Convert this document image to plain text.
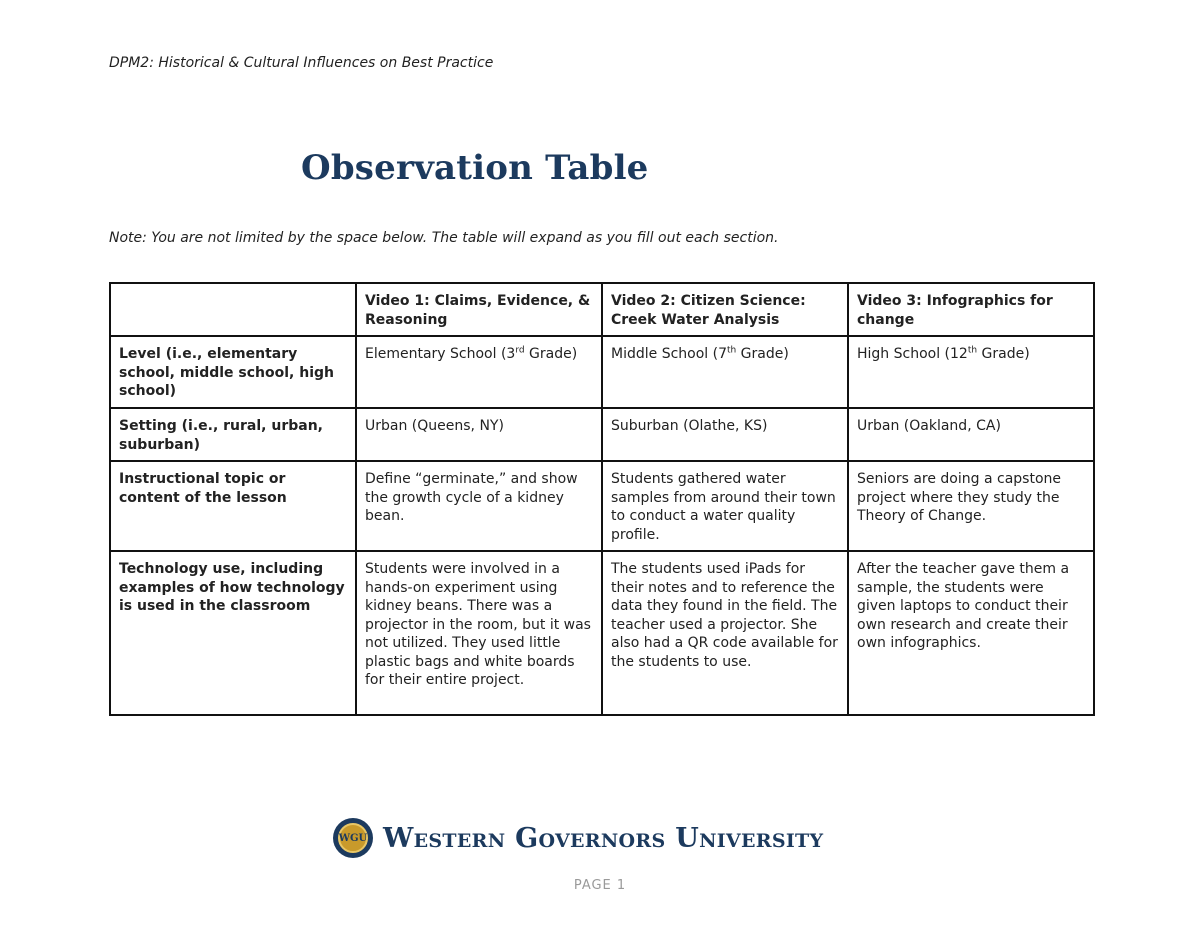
DPM2: Historical & Cultural Influences on Best Practice
Observation Table
Note: You are not limited by the space below. The table will expand as you fill out each section.
	Video 1: Claims, Evidence, & Reasoning	Video 2: Citizen Science: Creek Water Analysis	Video 3: Infographics for change
Level (i.e., elementary school, middle school, high school)	Elementary School (3rd Grade)	Middle School (7th Grade)	High School (12th Grade)
Setting (i.e., rural, urban, suburban)	Urban (Queens, NY)	Suburban (Olathe, KS)	Urban (Oakland, CA)
Instructional topic or content of the lesson	Define “germinate,” and show the growth cycle of a kidney bean.	Students gathered water samples from around their town to conduct a water quality profile.	Seniors are doing a capstone project where they study the Theory of Change.
Technology use, including examples of how technology is used in the classroom	Students were involved in a hands-on experiment using kidney beans. There was a projector in the room, but it was not utilized. They used little plastic bags and white boards for their entire project.	The students used iPads for their notes and to reference the data they found in the field. The teacher used a projector. She also had a QR code available for the students to use.	After the teacher gave them a sample, the students were given laptops to conduct their own research and create their own infographics.
WGU Western Governors University
PAGE 1
